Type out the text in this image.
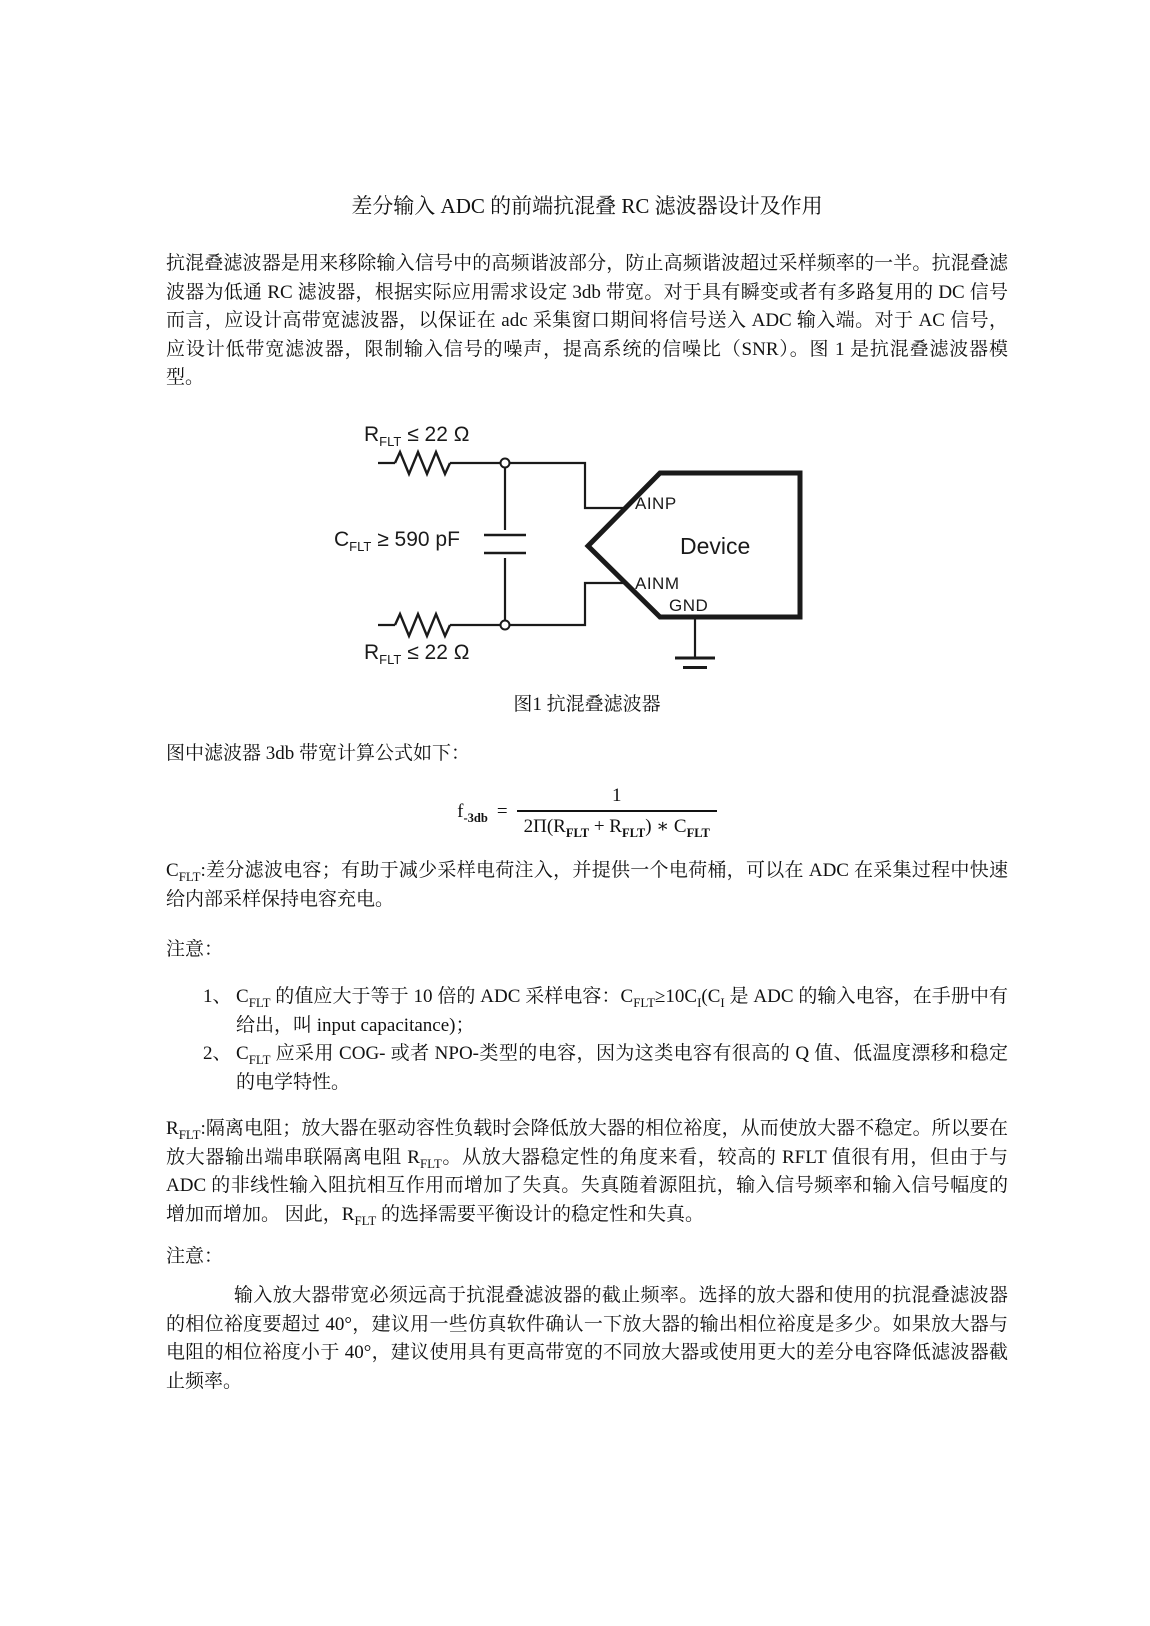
差分输入 ADC 的前端抗混叠 RC 滤波器设计及作用

抗混叠滤波器是用来移除输入信号中的高频谐波部分，防止高频谐波超过采样频率的一半。抗混叠滤波器为低通 RC 滤波器，根据实际应用需求设定 3db 带宽。对于具有瞬变或者有多路复用的 DC 信号而言，应设计高带宽滤波器，以保证在 adc 采集窗口期间将信号送入 ADC 输入端。对于 AC 信号，应设计低带宽滤波器，限制输入信号的噪声，提高系统的信噪比（SNR）。图 1 是抗混叠滤波器模型。

$R_{FLT} \le 22$ Ω
$C_{FLT} \ge 590$ pF
$R_{FLT} \le 22$ Ω
AINP
Device
AINM
GND
图1 抗混叠滤波器

图中滤波器 3db 带宽计算公式如下：

$f_{-3db} = \frac{1}{2\Pi(R_{FLT} + R_{FLT}) ∗ C_{FLT}}$

$C_{FLT}$:差分滤波电容；有助于减少采样电荷注入，并提供一个电荷桶，可以在 ADC 在采集过程中快速给内部采样保持电容充电。

注意：

1、 $C_{FLT}$ 的值应大于等于 10 倍的 ADC 采样电容：$C_{FLT}\ge 10C_I(C_I$ 是 ADC 的输入电容，在手册中有给出，叫 input capacitance)；
2、 $C_{FLT}$ 应采用 COG- 或者 NPO-类型的电容，因为这类电容有很高的 Q 值、低温度漂移和稳定的电学特性。

$R_{FLT}$:隔离电阻；放大器在驱动容性负载时会降低放大器的相位裕度，从而使放大器不稳定。所以要在放大器输出端串联隔离电阻 $R_{FLT}$。从放大器稳定性的角度来看，较高的 RFLT 值很有用，但由于与 ADC 的非线性输入阻抗相互作用而增加了失真。失真随着源阻抗，输入信号频率和输入信号幅度的增加而增加。 因此，$R_{FLT}$ 的选择需要平衡设计的稳定性和失真。

注意：

输入放大器带宽必须远高于抗混叠滤波器的截止频率。选择的放大器和使用的抗混叠滤波器的相位裕度要超过 40°，建议用一些仿真软件确认一下放大器的输出相位裕度是多少。如果放大器与电阻的相位裕度小于 40°，建议使用具有更高带宽的不同放大器或使用更大的差分电容降低滤波器截止频率。
